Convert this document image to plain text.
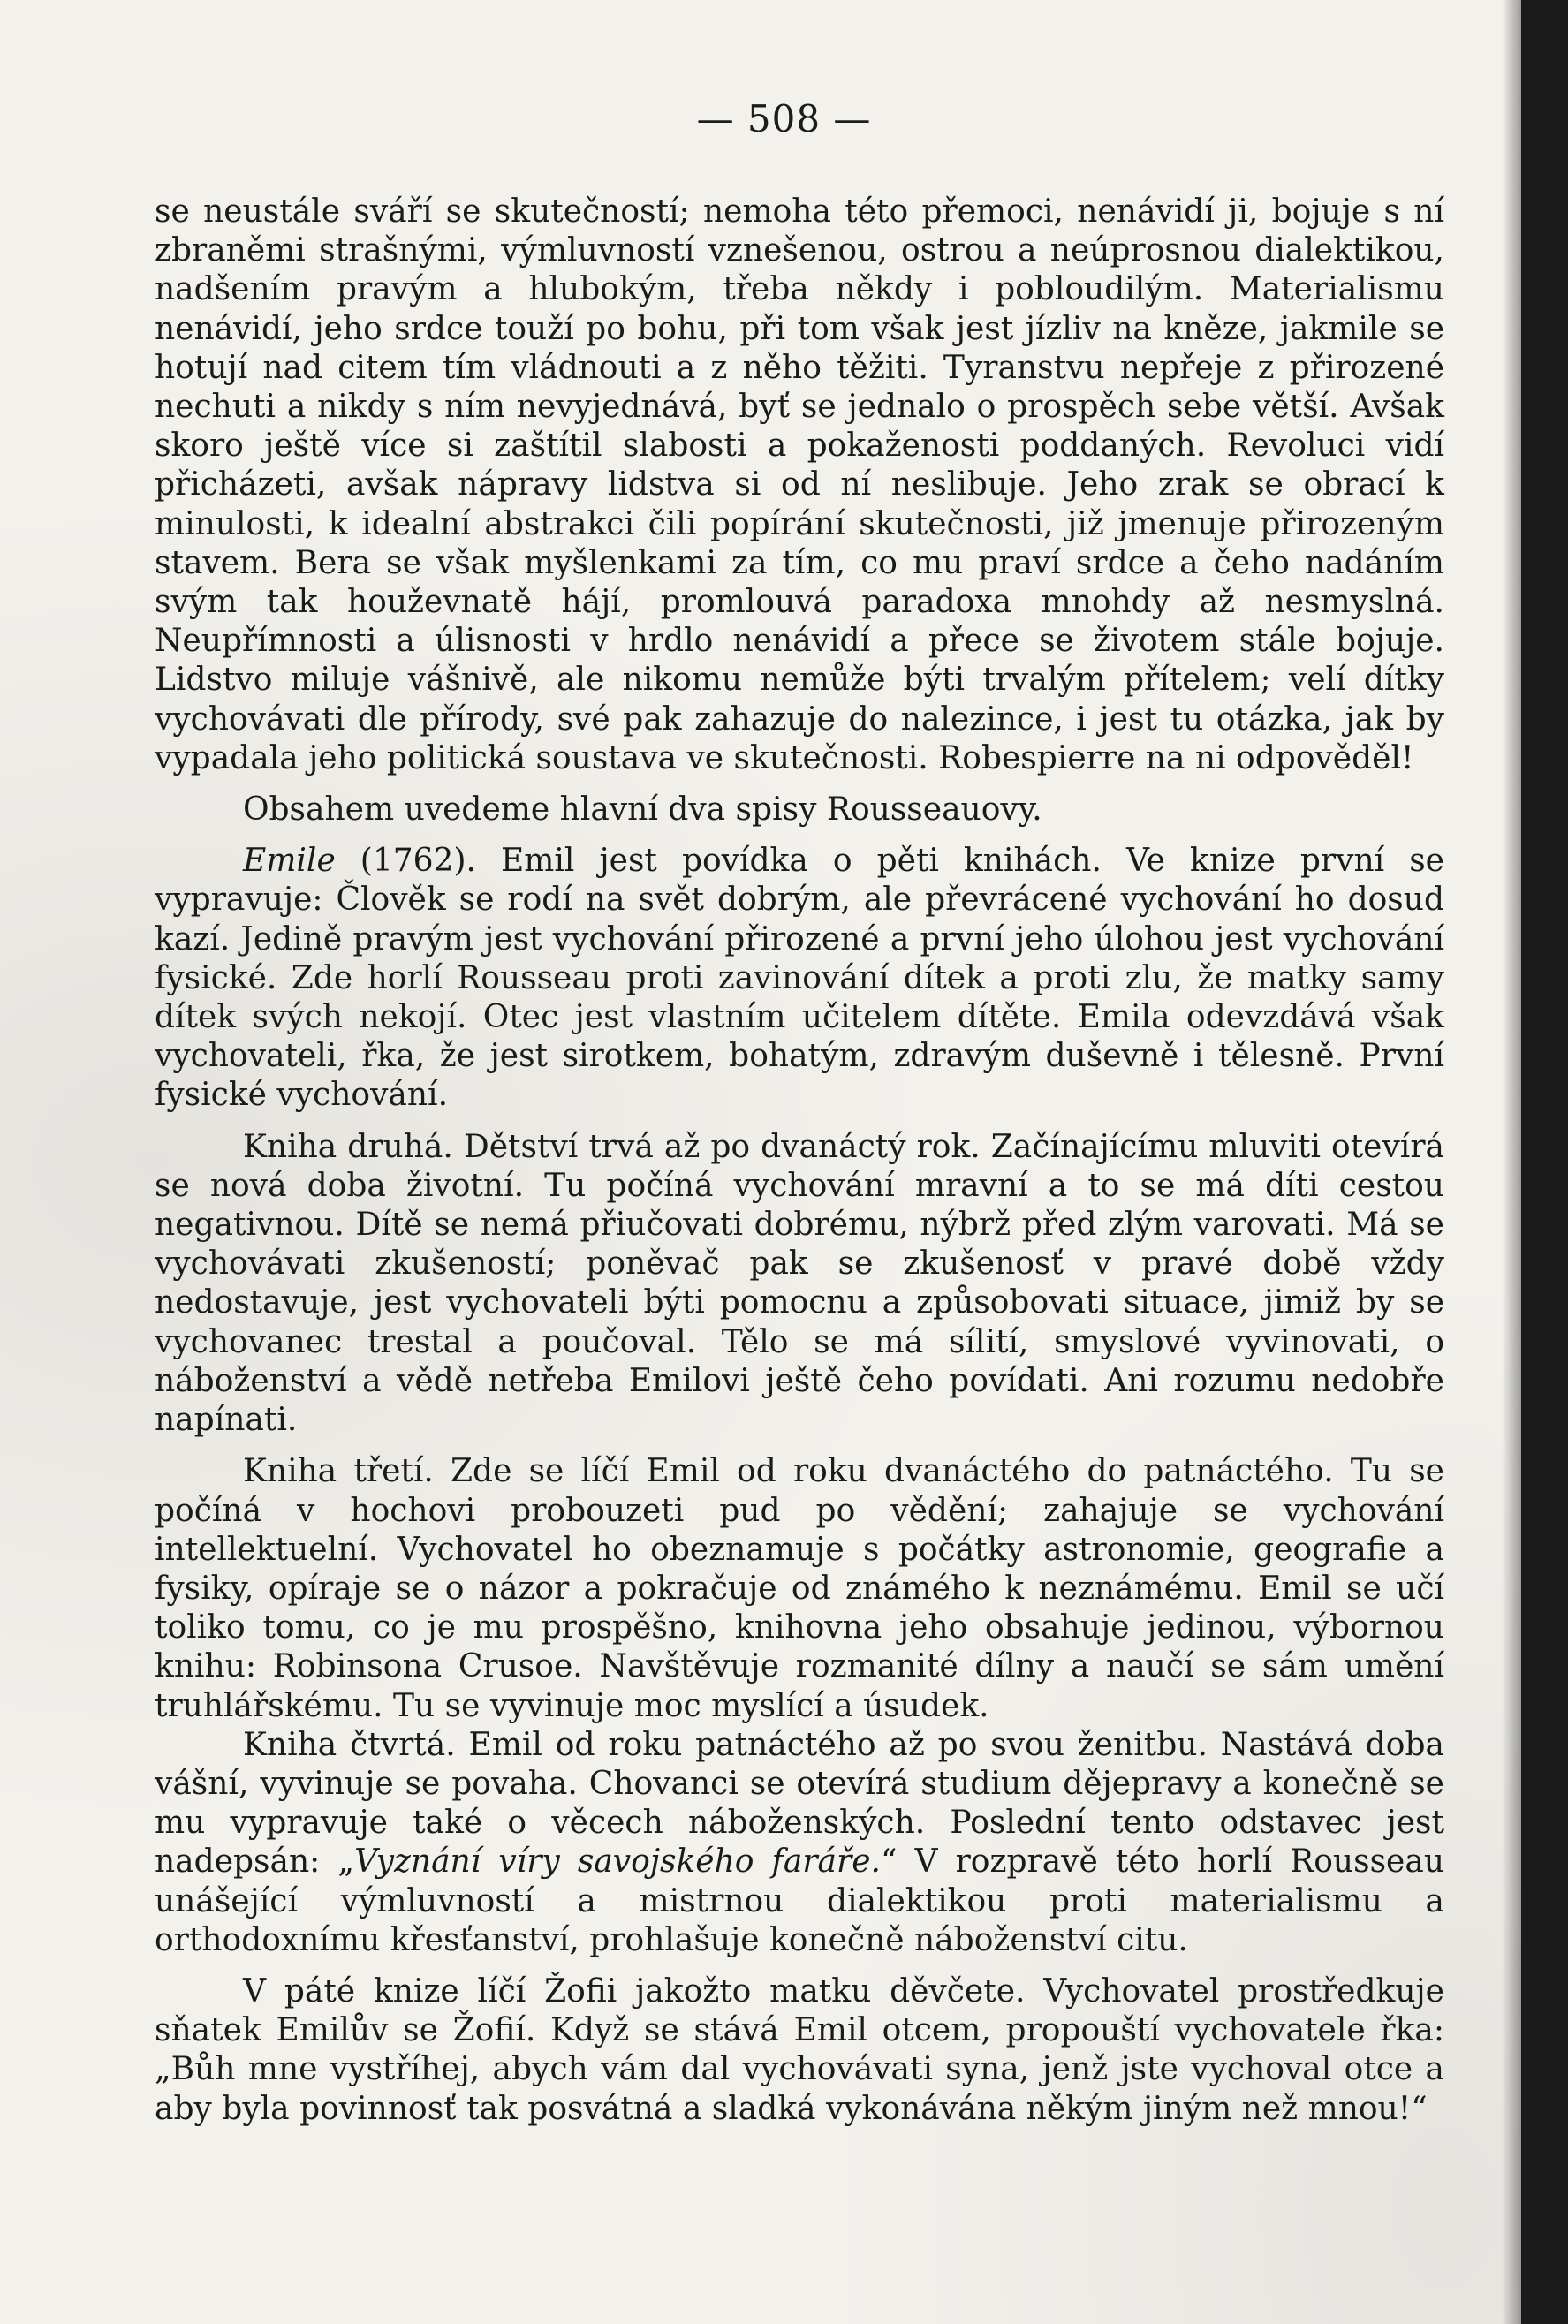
— 508 —

se neustále sváří se skutečností; nemoha této přemoci, nenávidí ji, bojuje s ní zbraněmi strašnými, výmluvností vznešenou, ostrou a neúprosnou dialektikou, nadšením pravým a hlubokým, třeba někdy i pobloudilým. Materialismu nenávidí, jeho srdce touží po bohu, při tom však jest jízliv na kněze, jakmile se hotují nad citem tím vládnouti a z něho těžiti. Tyranstvu nepřeje z přirozené nechuti a nikdy s ním nevyjednává, byť se jednalo o prospěch sebe větší. Avšak skoro ještě více si zaštítil slabosti a pokaženosti poddaných. Revoluci vidí přicházeti, avšak nápravy lidstva si od ní neslibuje. Jeho zrak se obrací k minulosti, k idealní abstrakci čili popírání skutečnosti, již jmenuje přirozeným stavem. Bera se však myšlenkami za tím, co mu praví srdce a čeho nadáním svým tak houževnatě hájí, promlouvá paradoxa mnohdy až nesmyslná. Neupřímnosti a úlisnosti v hrdlo nenávidí a přece se životem stále bojuje. Lidstvo miluje vášnivě, ale nikomu nemůže býti trvalým přítelem; velí dítky vychovávati dle přírody, své pak zahazuje do nalezince, i jest tu otázka, jak by vypadala jeho politická soustava ve skutečnosti. Robespierre na ni odpověděl!

Obsahem uvedeme hlavní dva spisy Rousseauovy.

Emile (1762). Emil jest povídka o pěti knihách. Ve knize první se vypravuje: Člověk se rodí na svět dobrým, ale převrácené vychování ho dosud kazí. Jedině pravým jest vychování přirozené a první jeho úlohou jest vychování fysické. Zde horlí Rousseau proti zavinování dítek a proti zlu, že matky samy dítek svých nekojí. Otec jest vlastním učitelem dítěte. Emila odevzdává však vychovateli, řka, že jest sirotkem, bohatým, zdravým duševně i tělesně. První fysické vychování.

Kniha druhá. Dětství trvá až po dvanáctý rok. Začínajícímu mluviti otevírá se nová doba životní. Tu počíná vychování mravní a to se má díti cestou negativnou. Dítě se nemá přiučovati dobrému, nýbrž před zlým varovati. Má se vychovávati zkušeností; poněvač pak se zkušenosť v pravé době vždy nedostavuje, jest vychovateli býti pomocnu a způsobovati situace, jimiž by se vychovanec trestal a poučoval. Tělo se má sílití, smyslové vyvinovati, o náboženství a vědě netřeba Emilovi ještě čeho povídati. Ani rozumu nedobře napínati.

Kniha třetí. Zde se líčí Emil od roku dvanáctého do patnáctého. Tu se počíná v hochovi probouzeti pud po vědění; zahajuje se vychování intellektuelní. Vychovatel ho obeznamuje s počátky astronomie, geografie a fysiky, opíraje se o názor a pokračuje od známého k neznámému. Emil se učí toliko tomu, co je mu prospěšno, knihovna jeho obsahuje jedinou, výbornou knihu: Robinsona Crusoe. Navštěvuje rozmanité dílny a naučí se sám umění truhlářskému. Tu se vyvinuje moc myslící a úsudek.

Kniha čtvrtá. Emil od roku patnáctého až po svou ženitbu. Nastává doba vášní, vyvinuje se povaha. Chovanci se otevírá studium dějepravy a konečně se mu vypravuje také o věcech náboženských. Poslední tento odstavec jest nadepsán: „Vyznání víry savojského faráře.“ V rozpravě této horlí Rousseau unášející výmluvností a mistrnou dialektikou proti materialismu a orthodoxnímu křesťanství, prohlašuje konečně náboženství citu.

V páté knize líčí Žofii jakožto matku děvčete. Vychovatel prostředkuje sňatek Emilův se Žofií. Když se stává Emil otcem, propouští vychovatele řka: „Bůh mne vystříhej, abych vám dal vychovávati syna, jenž jste vychoval otce a aby byla povinnosť tak posvátná a sladká vykonávána někým jiným než mnou!“
